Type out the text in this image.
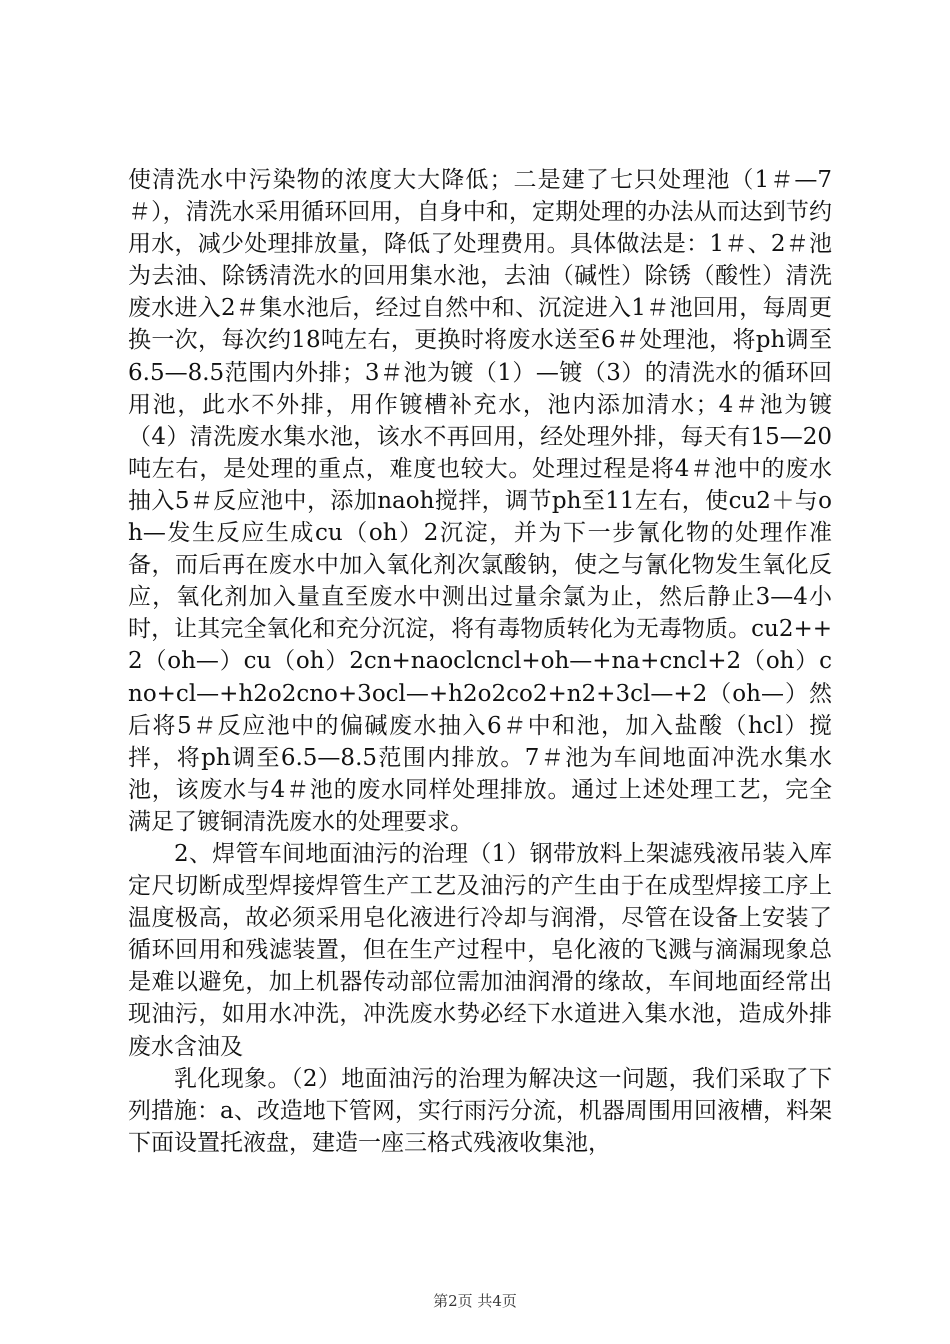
使清洗水中污染物的浓度大大降低；二是建了七只处理池（1＃—7＃），清洗水采用循环回用，自身中和，定期处理的办法从而达到节约用水，减少处理排放量，降低了处理费用。具体做法是：1＃、2＃池为去油、除锈清洗水的回用集水池，去油（碱性）除锈（酸性）清洗废水进入2＃集水池后，经过自然中和、沉淀进入1＃池回用，每周更换一次，每次约18吨左右，更换时将废水送至6＃处理池，将ph调至6.5—8.5范围内外排；3＃池为镀（1）—镀（3）的清洗水的循环回用池，此水不外排，用作镀槽补充水，池内添加清水；4＃池为镀（4）清洗废水集水池，该水不再回用，经处理外排，每天有15—20吨左右，是处理的重点，难度也较大。处理过程是将4＃池中的废水抽入5＃反应池中，添加naoh搅拌，调节ph至11左右，使cu2＋与oh—发生反应生成cu（oh）2沉淀，并为下一步氰化物的处理作准备，而后再在废水中加入氧化剂次氯酸钠，使之与氰化物发生氧化反应，氧化剂加入量直至废水中测出过量余氯为止，然后静止3—4小时，让其完全氧化和充分沉淀，将有毒物质转化为无毒物质。cu2++2（oh—）cu（oh）2cn+naoclcncl+oh—+na+cncl+2（oh）cno+cl—+h2o2cno+3ocl—+h2o2co2+n2+3cl—+2（oh—）然后将5＃反应池中的偏碱废水抽入6＃中和池，加入盐酸（hcl）搅拌，将ph调至6.5—8.5范围内排放。7＃池为车间地面冲洗水集水池，该废水与4＃池的废水同样处理排放。通过上述处理工艺，完全满足了镀铜清洗废水的处理要求。

2、焊管车间地面油污的治理（1）钢带放料上架滤残液吊装入库定尺切断成型焊接焊管生产工艺及油污的产生由于在成型焊接工序上温度极高，故必须采用皂化液进行冷却与润滑，尽管在设备上安装了循环回用和残滤装置，但在生产过程中，皂化液的飞溅与滴漏现象总是难以避免，加上机器传动部位需加油润滑的缘故，车间地面经常出现油污，如用水冲洗，冲洗废水势必经下水道进入集水池，造成外排废水含油及

乳化现象。（2）地面油污的治理为解决这一问题，我们采取了下列措施：a、改造地下管网，实行雨污分流，机器周围用回液槽，料架下面设置托液盘，建造一座三格式残液收集池，

第2页 共4页
